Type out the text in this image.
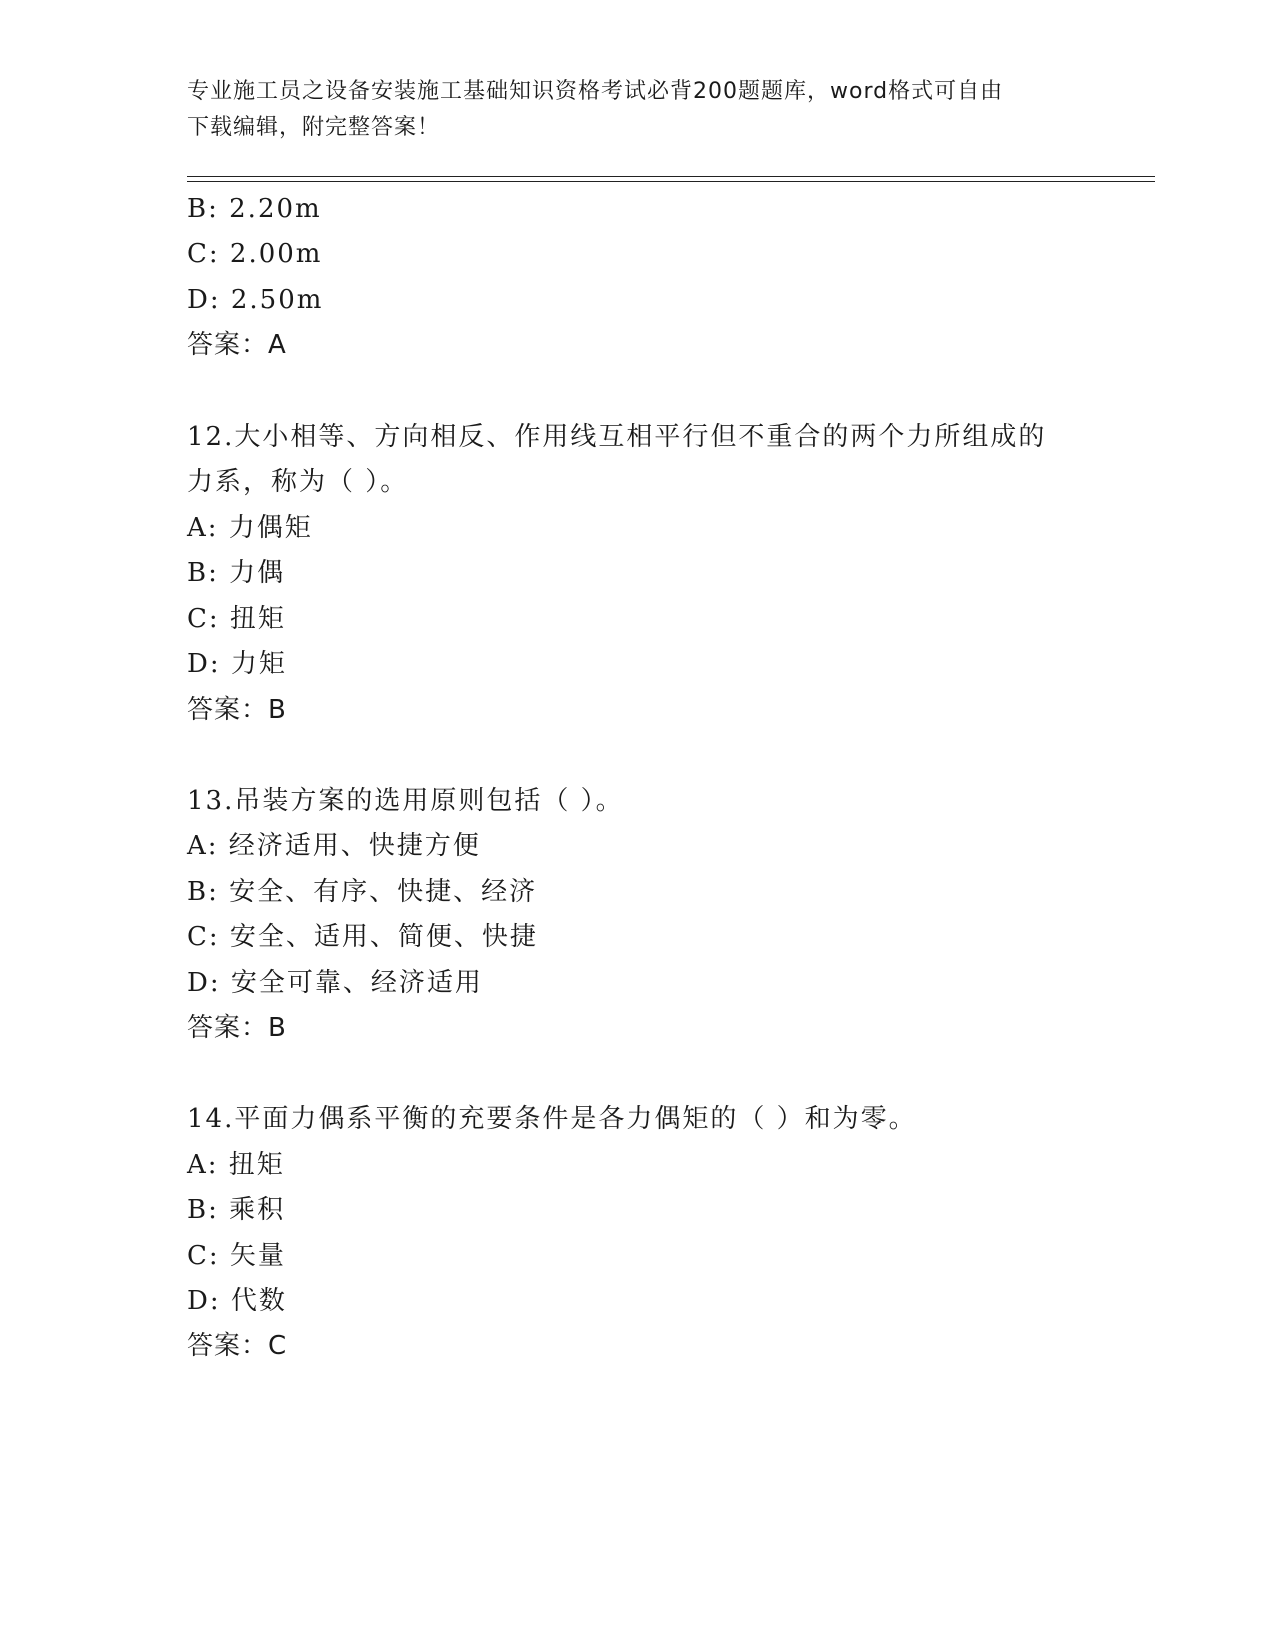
专业施工员之设备安装施工基础知识资格考试必背200题题库，word格式可自由
下载编辑，附完整答案！
B: 2.20m
C: 2.00m
D: 2.50m
答案：A
12.大小相等、方向相反、作用线互相平行但不重合的两个力所组成的
力系，称为（ ）。
A: 力偶矩
B: 力偶
C: 扭矩
D: 力矩
答案：B
13.吊装方案的选用原则包括（ ）。
A: 经济适用、快捷方便
B: 安全、有序、快捷、经济
C: 安全、适用、简便、快捷
D: 安全可靠、经济适用
答案：B
14.平面力偶系平衡的充要条件是各力偶矩的（ ）和为零。
A: 扭矩
B: 乘积
C: 矢量
D: 代数
答案：C
